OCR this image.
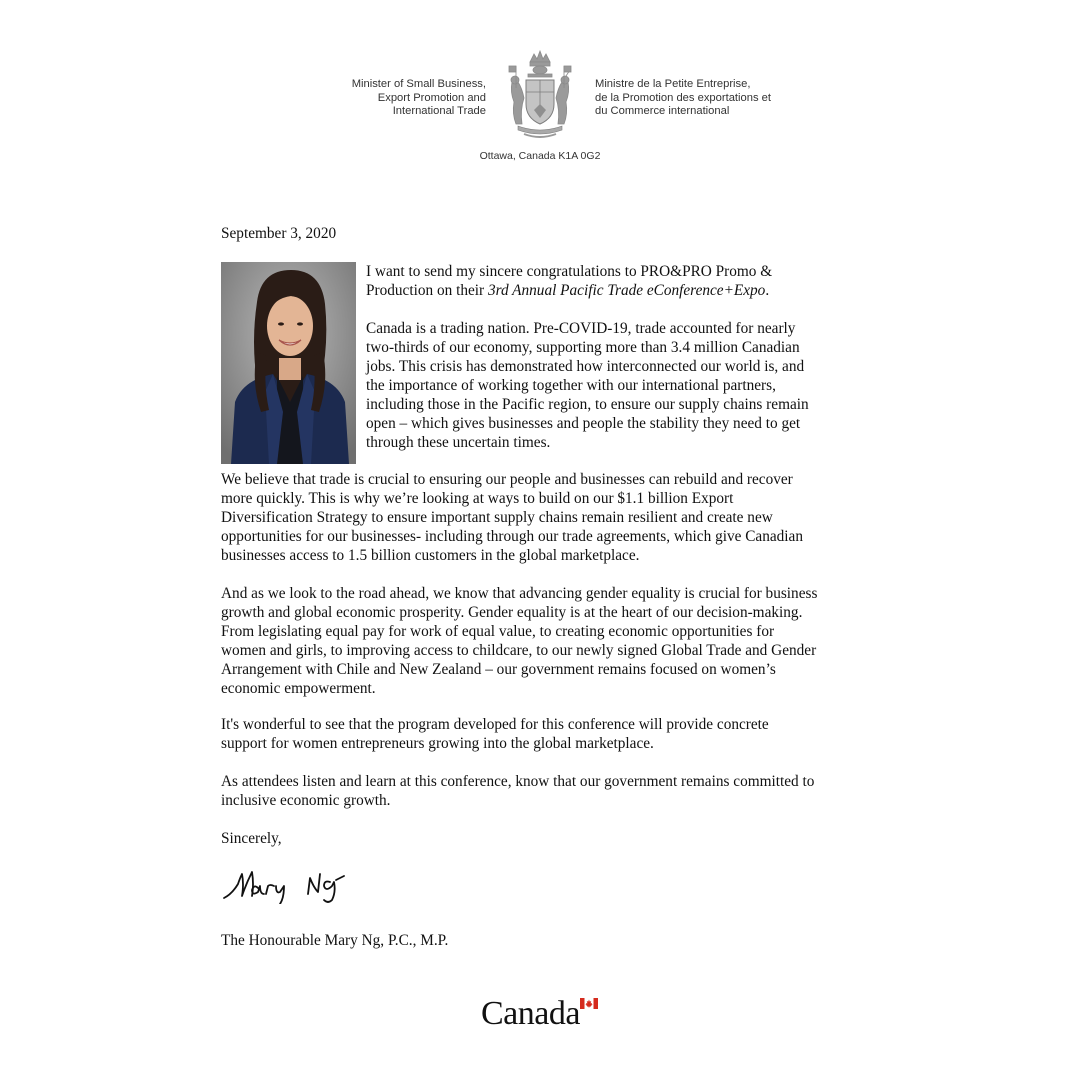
Minister of Small Business,
Export Promotion and
International Trade
Ministre de la Petite Entreprise,
de la Promotion des exportations et
du Commerce international
Ottawa, Canada K1A 0G2
September 3, 2020
I want to send my sincere congratulations to PRO&PRO Promo &
Production on their 3rd Annual Pacific Trade eConference+Expo.
Canada is a trading nation. Pre-COVID-19, trade accounted for nearly
two-thirds of our economy, supporting more than 3.4 million Canadian
jobs. This crisis has demonstrated how interconnected our world is, and
the importance of working together with our international partners,
including those in the Pacific region, to ensure our supply chains remain
open – which gives businesses and people the stability they need to get
through these uncertain times.
We believe that trade is crucial to ensuring our people and businesses can rebuild and recover
more quickly. This is why we’re looking at ways to build on our $1.1 billion Export
Diversification Strategy to ensure important supply chains remain resilient and create new
opportunities for our businesses- including through our trade agreements, which give Canadian
businesses access to 1.5 billion customers in the global marketplace.
And as we look to the road ahead, we know that advancing gender equality is crucial for business
growth and global economic prosperity. Gender equality is at the heart of our decision-making.
From legislating equal pay for work of equal value, to creating economic opportunities for
women and girls, to improving access to childcare, to our newly signed Global Trade and Gender
Arrangement with Chile and New Zealand – our government remains focused on women’s
economic empowerment.
It's wonderful to see that the program developed for this conference will provide concrete
support for women entrepreneurs growing into the global marketplace.
As attendees listen and learn at this conference, know that our government remains committed to
inclusive economic growth.
Sincerely,
The Honourable Mary Ng, P.C., M.P.
Canada
